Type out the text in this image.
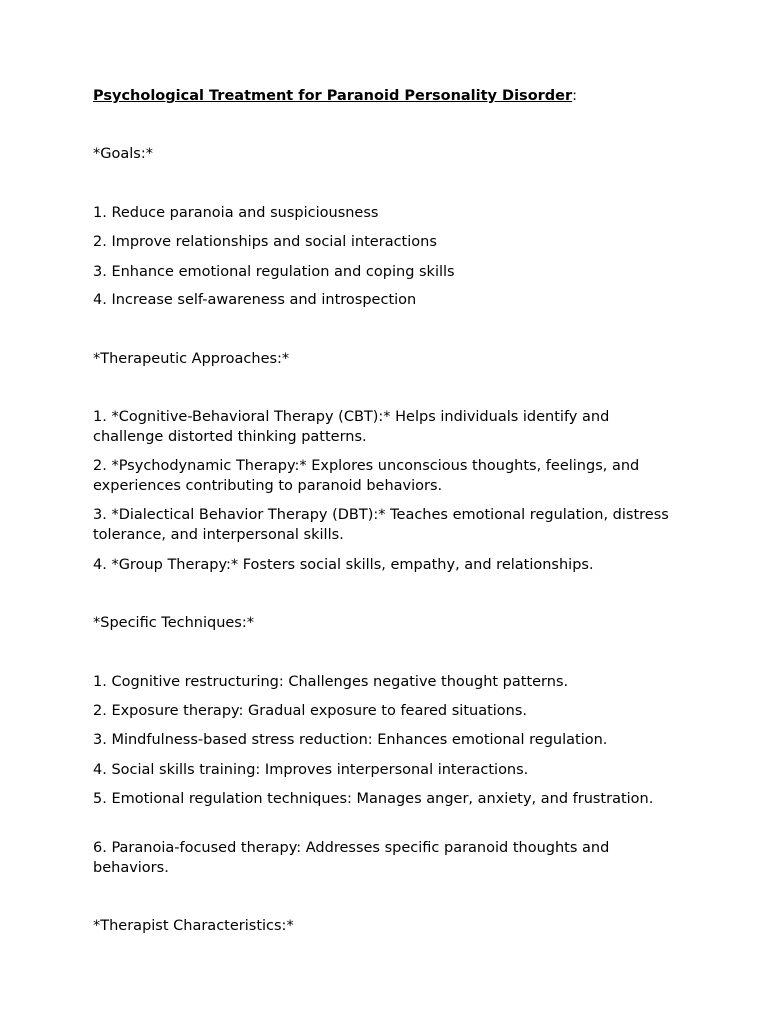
Psychological Treatment for Paranoid Personality Disorder:
*Goals:*
1. Reduce paranoia and suspiciousness
2. Improve relationships and social interactions
3. Enhance emotional regulation and coping skills
4. Increase self-awareness and introspection
*Therapeutic Approaches:*
1. *Cognitive-Behavioral Therapy (CBT):* Helps individuals identify and challenge distorted thinking patterns.
2. *Psychodynamic Therapy:* Explores unconscious thoughts, feelings, and experiences contributing to paranoid behaviors.
3. *Dialectical Behavior Therapy (DBT):* Teaches emotional regulation, distress tolerance, and interpersonal skills.
4. *Group Therapy:* Fosters social skills, empathy, and relationships.
*Specific Techniques:*
1. Cognitive restructuring: Challenges negative thought patterns.
2. Exposure therapy: Gradual exposure to feared situations.
3. Mindfulness-based stress reduction: Enhances emotional regulation.
4. Social skills training: Improves interpersonal interactions.
5. Emotional regulation techniques: Manages anger, anxiety, and frustration.
6. Paranoia-focused therapy: Addresses specific paranoid thoughts and behaviors.
*Therapist Characteristics:*
